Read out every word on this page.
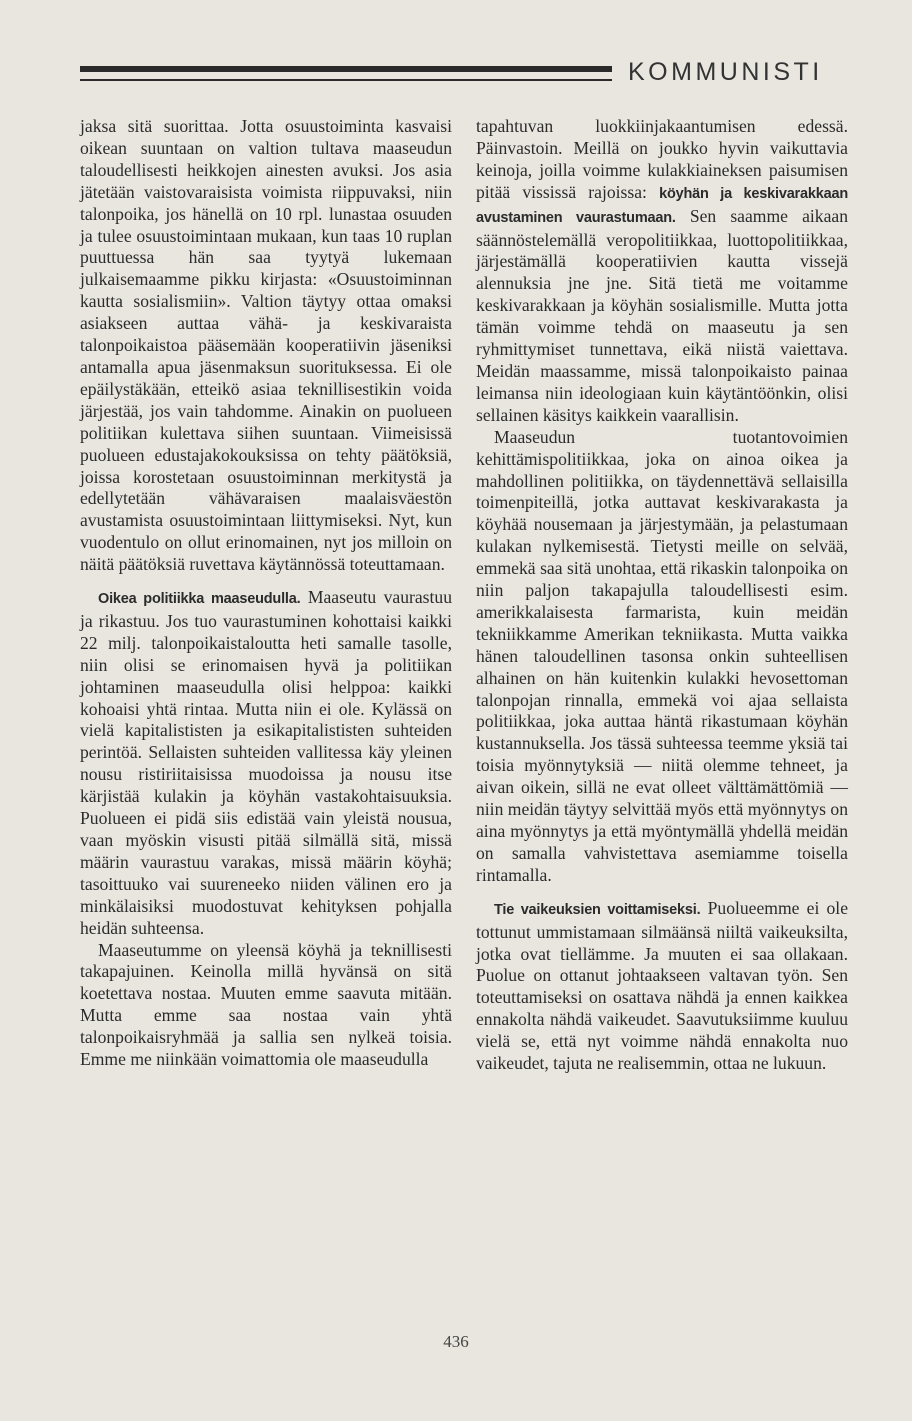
KOMMUNISTI

jaksa sitä suorittaa. Jotta osuustoiminta kasvaisi oikean suuntaan on valtion tultava maaseudun taloudellisesti heikkojen ainesten avuksi. Jos asia jätetään vaistovaraisista voimista riippuvaksi, niin talonpoika, jos hänellä on 10 rpl. lunastaa osuuden ja tulee osuustoimintaan mukaan, kun taas 10 ruplan puuttuessa hän saa tyytyä lukemaan julkaisemaamme pikku kirjasta: «Osuustoiminnan kautta sosialismiin». Valtion täytyy ottaa omaksi asiakseen auttaa vähä- ja keskivaraista talonpoikaistoa pääsemään kooperatiivin jäseniksi antamalla apua jäsenmaksun suorituksessa. Ei ole epäilystäkään, etteikö asiaa teknillisestikin voida järjestää, jos vain tahdomme. Ainakin on puolueen politiikan kulettava siihen suuntaan. Viimeisissä puolueen edustajakokouksissa on tehty päätöksiä, joissa korostetaan osuustoiminnan merkitystä ja edellytetään vähävaraisen maalaisväestön avustamista osuustoimintaan liittymiseksi. Nyt, kun vuodentulo on ollut erinomainen, nyt jos milloin on näitä päätöksiä ruvettava käytännössä toteuttamaan.

Oikea politiikka maaseudulla. Maaseutu vaurastuu ja rikastuu. Jos tuo vaurastuminen kohottaisi kaikki 22 milj. talonpoikaistaloutta heti samalle tasolle, niin olisi se erinomaisen hyvä ja politiikan johtaminen maaseudulla olisi helppoa: kaikki kohoaisi yhtä rintaa. Mutta niin ei ole. Kylässä on vielä kapitalististen ja esikapitalististen suhteiden perintöä. Sellaisten suhteiden vallitessa käy yleinen nousu ristiriitaisissa muodoissa ja nousu itse kärjistää kulakin ja köyhän vastakohtaisuuksia. Puolueen ei pidä siis edistää vain yleistä nousua, vaan myöskin visusti pitää silmällä sitä, missä määrin vaurastuu varakas, missä määrin köyhä; tasoittuuko vai suureneeko niiden välinen ero ja minkälaisiksi muodostuvat kehityksen pohjalla heidän suhteensa.

Maaseutumme on yleensä köyhä ja teknillisesti takapajuinen. Keinolla millä hyvänsä on sitä koetettava nostaa. Muuten emme saavuta mitään. Mutta emme saa nostaa vain yhtä talonpoikaisryhmää ja sallia sen nylkeä toisia. Emme me niinkään voimattomia ole maaseudulla

tapahtuvan luokkiinjakaantumisen edessä. Päinvastoin. Meillä on joukko hyvin vaikuttavia keinoja, joilla voimme kulakkiaineksen paisumisen pitää vississä rajoissa: köyhän ja keskivarakkaan avustaminen vaurastumaan. Sen saamme aikaan säännöstelemällä veropolitiikkaa, luottopolitiikkaa, järjestämällä kooperatiivien kautta vissejä alennuksia jne jne. Sitä tietä me voitamme keskivarakkaan ja köyhän sosialismille. Mutta jotta tämän voimme tehdä on maaseutu ja sen ryhmittymiset tunnettava, eikä niistä vaiettava. Meidän maassamme, missä talonpoikaisto painaa leimansa niin ideologiaan kuin käytäntöönkin, olisi sellainen käsitys kaikkein vaarallisin.

Maaseudun tuotantovoimien kehittämispolitiikkaa, joka on ainoa oikea ja mahdollinen politiikka, on täydennettävä sellaisilla toimenpiteillä, jotka auttavat keskivarakasta ja köyhää nousemaan ja järjestymään, ja pelastumaan kulakan nylkemisestä. Tietysti meille on selvää, emmekä saa sitä unohtaa, että rikaskin talonpoika on niin paljon takapajulla taloudellisesti esim. amerikkalaisesta farmarista, kuin meidän tekniikkamme Amerikan tekniikasta. Mutta vaikka hänen taloudellinen tasonsa onkin suhteellisen alhainen on hän kuitenkin kulakki hevosettoman talonpojan rinnalla, emmekä voi ajaa sellaista politiikkaa, joka auttaa häntä rikastumaan köyhän kustannuksella. Jos tässä suhteessa teemme yksiä tai toisia myönnytyksiä — niitä olemme tehneet, ja aivan oikein, sillä ne evat olleet välttämättömiä — niin meidän täytyy selvittää myös että myönnytys on aina myönnytys ja että myöntymällä yhdellä meidän on samalla vahvistettava asemiamme toisella rintamalla.

Tie vaikeuksien voittamiseksi. Puolueemme ei ole tottunut ummistamaan silmäänsä niiltä vaikeuksilta, jotka ovat tiellämme. Ja muuten ei saa ollakaan. Puolue on ottanut johtaakseen valtavan työn. Sen toteuttamiseksi on osattava nähdä ja ennen kaikkea ennakolta nähdä vaikeudet. Saavutuksiimme kuuluu vielä se, että nyt voimme nähdä ennakolta nuo vaikeudet, tajuta ne realisemmin, ottaa ne lukuun.

436
